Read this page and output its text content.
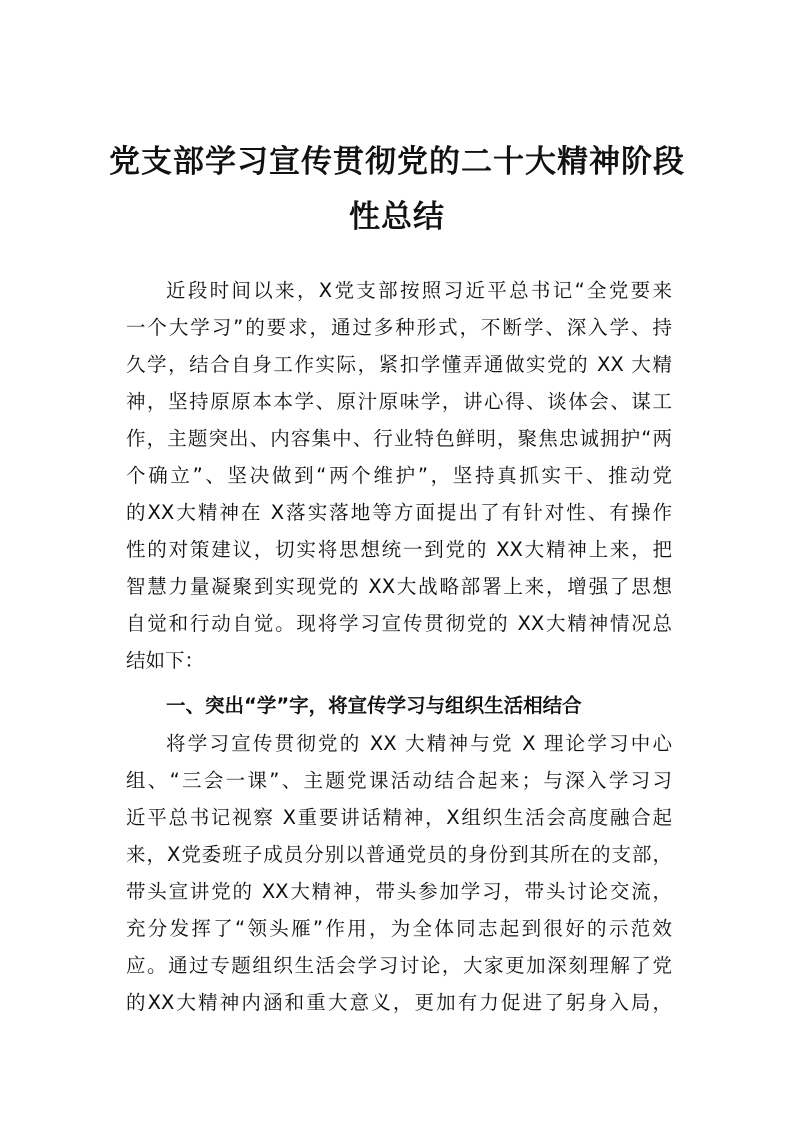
党支部学习宣传贯彻党的二十大精神阶段
性总结
近段时间以来，X党支部按照习近平总书记“全党要来
一个大学习”的要求，通过多种形式，不断学、深入学、持
久学，结合自身工作实际，紧扣学懂弄通做实党的 XX 大精
神，坚持原原本本学、原汁原味学，讲心得、谈体会、谋工
作，主题突出、内容集中、行业特色鲜明，聚焦忠诚拥护“两
个确立”、坚决做到“两个维护”，坚持真抓实干、推动党
的XX大精神在 X落实落地等方面提出了有针对性、有操作
性的对策建议，切实将思想统一到党的 XX大精神上来，把
智慧力量凝聚到实现党的 XX大战略部署上来，增强了思想
自觉和行动自觉。现将学习宣传贯彻党的 XX大精神情况总
结如下：
一、突出“学”字，将宣传学习与组织生活相结合
将学习宣传贯彻党的 XX 大精神与党 X 理论学习中心
组、“三会一课”、主题党课活动结合起来；与深入学习习
近平总书记视察 X重要讲话精神，X组织生活会高度融合起
来，X党委班子成员分别以普通党员的身份到其所在的支部，
带头宣讲党的 XX大精神，带头参加学习，带头讨论交流，
充分发挥了“领头雁”作用，为全体同志起到很好的示范效
应。通过专题组织生活会学习讨论，大家更加深刻理解了党
的XX大精神内涵和重大意义，更加有力促进了躬身入局，
